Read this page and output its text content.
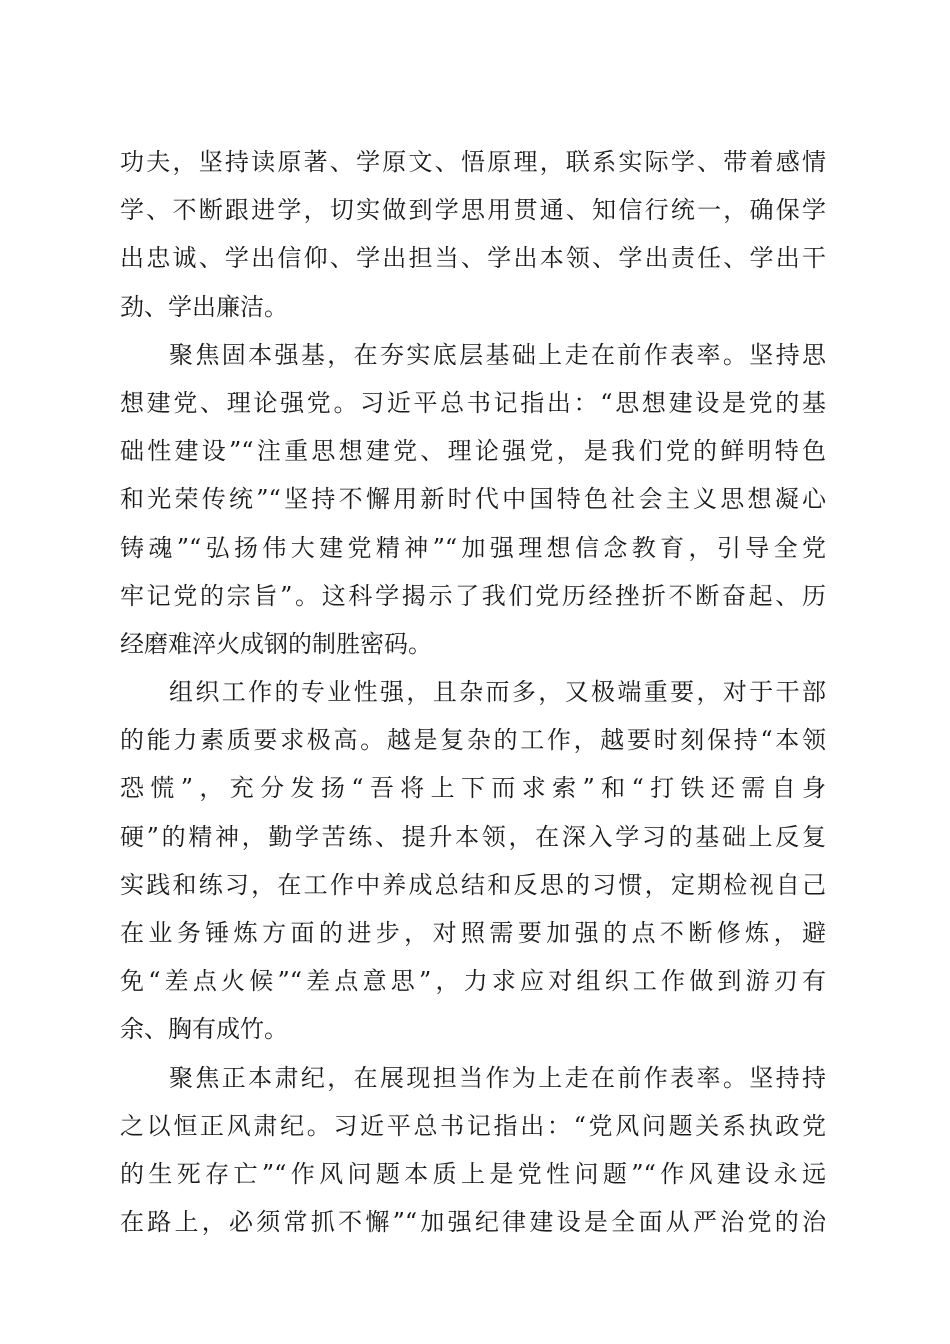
功夫，坚持读原著、学原文、悟原理，联系实际学、带着感情
学、不断跟进学，切实做到学思用贯通、知信行统一，确保学
出忠诚、学出信仰、学出担当、学出本领、学出责任、学出干
劲、学出廉洁。
聚焦固本强基，在夯实底层基础上走在前作表率。坚持思
想建党、理论强党。习近平总书记指出：“思想建设是党的基
础性建设”“注重思想建党、理论强党，是我们党的鲜明特色
和光荣传统”“坚持不懈用新时代中国特色社会主义思想凝心
铸魂”“弘扬伟大建党精神”“加强理想信念教育，引导全党
牢记党的宗旨”。这科学揭示了我们党历经挫折不断奋起、历
经磨难淬火成钢的制胜密码。
组织工作的专业性强，且杂而多，又极端重要，对于干部
的能力素质要求极高。越是复杂的工作，越要时刻保持“本领
恐慌”，充分发扬“吾将上下而求索”和“打铁还需自身
硬”的精神，勤学苦练、提升本领，在深入学习的基础上反复
实践和练习，在工作中养成总结和反思的习惯，定期检视自己
在业务锤炼方面的进步，对照需要加强的点不断修炼，避
免“差点火候”“差点意思”，力求应对组织工作做到游刃有
余、胸有成竹。
聚焦正本肃纪，在展现担当作为上走在前作表率。坚持持
之以恒正风肃纪。习近平总书记指出：“党风问题关系执政党
的生死存亡”“作风问题本质上是党性问题”“作风建设永远
在路上，必须常抓不懈”“加强纪律建设是全面从严治党的治
